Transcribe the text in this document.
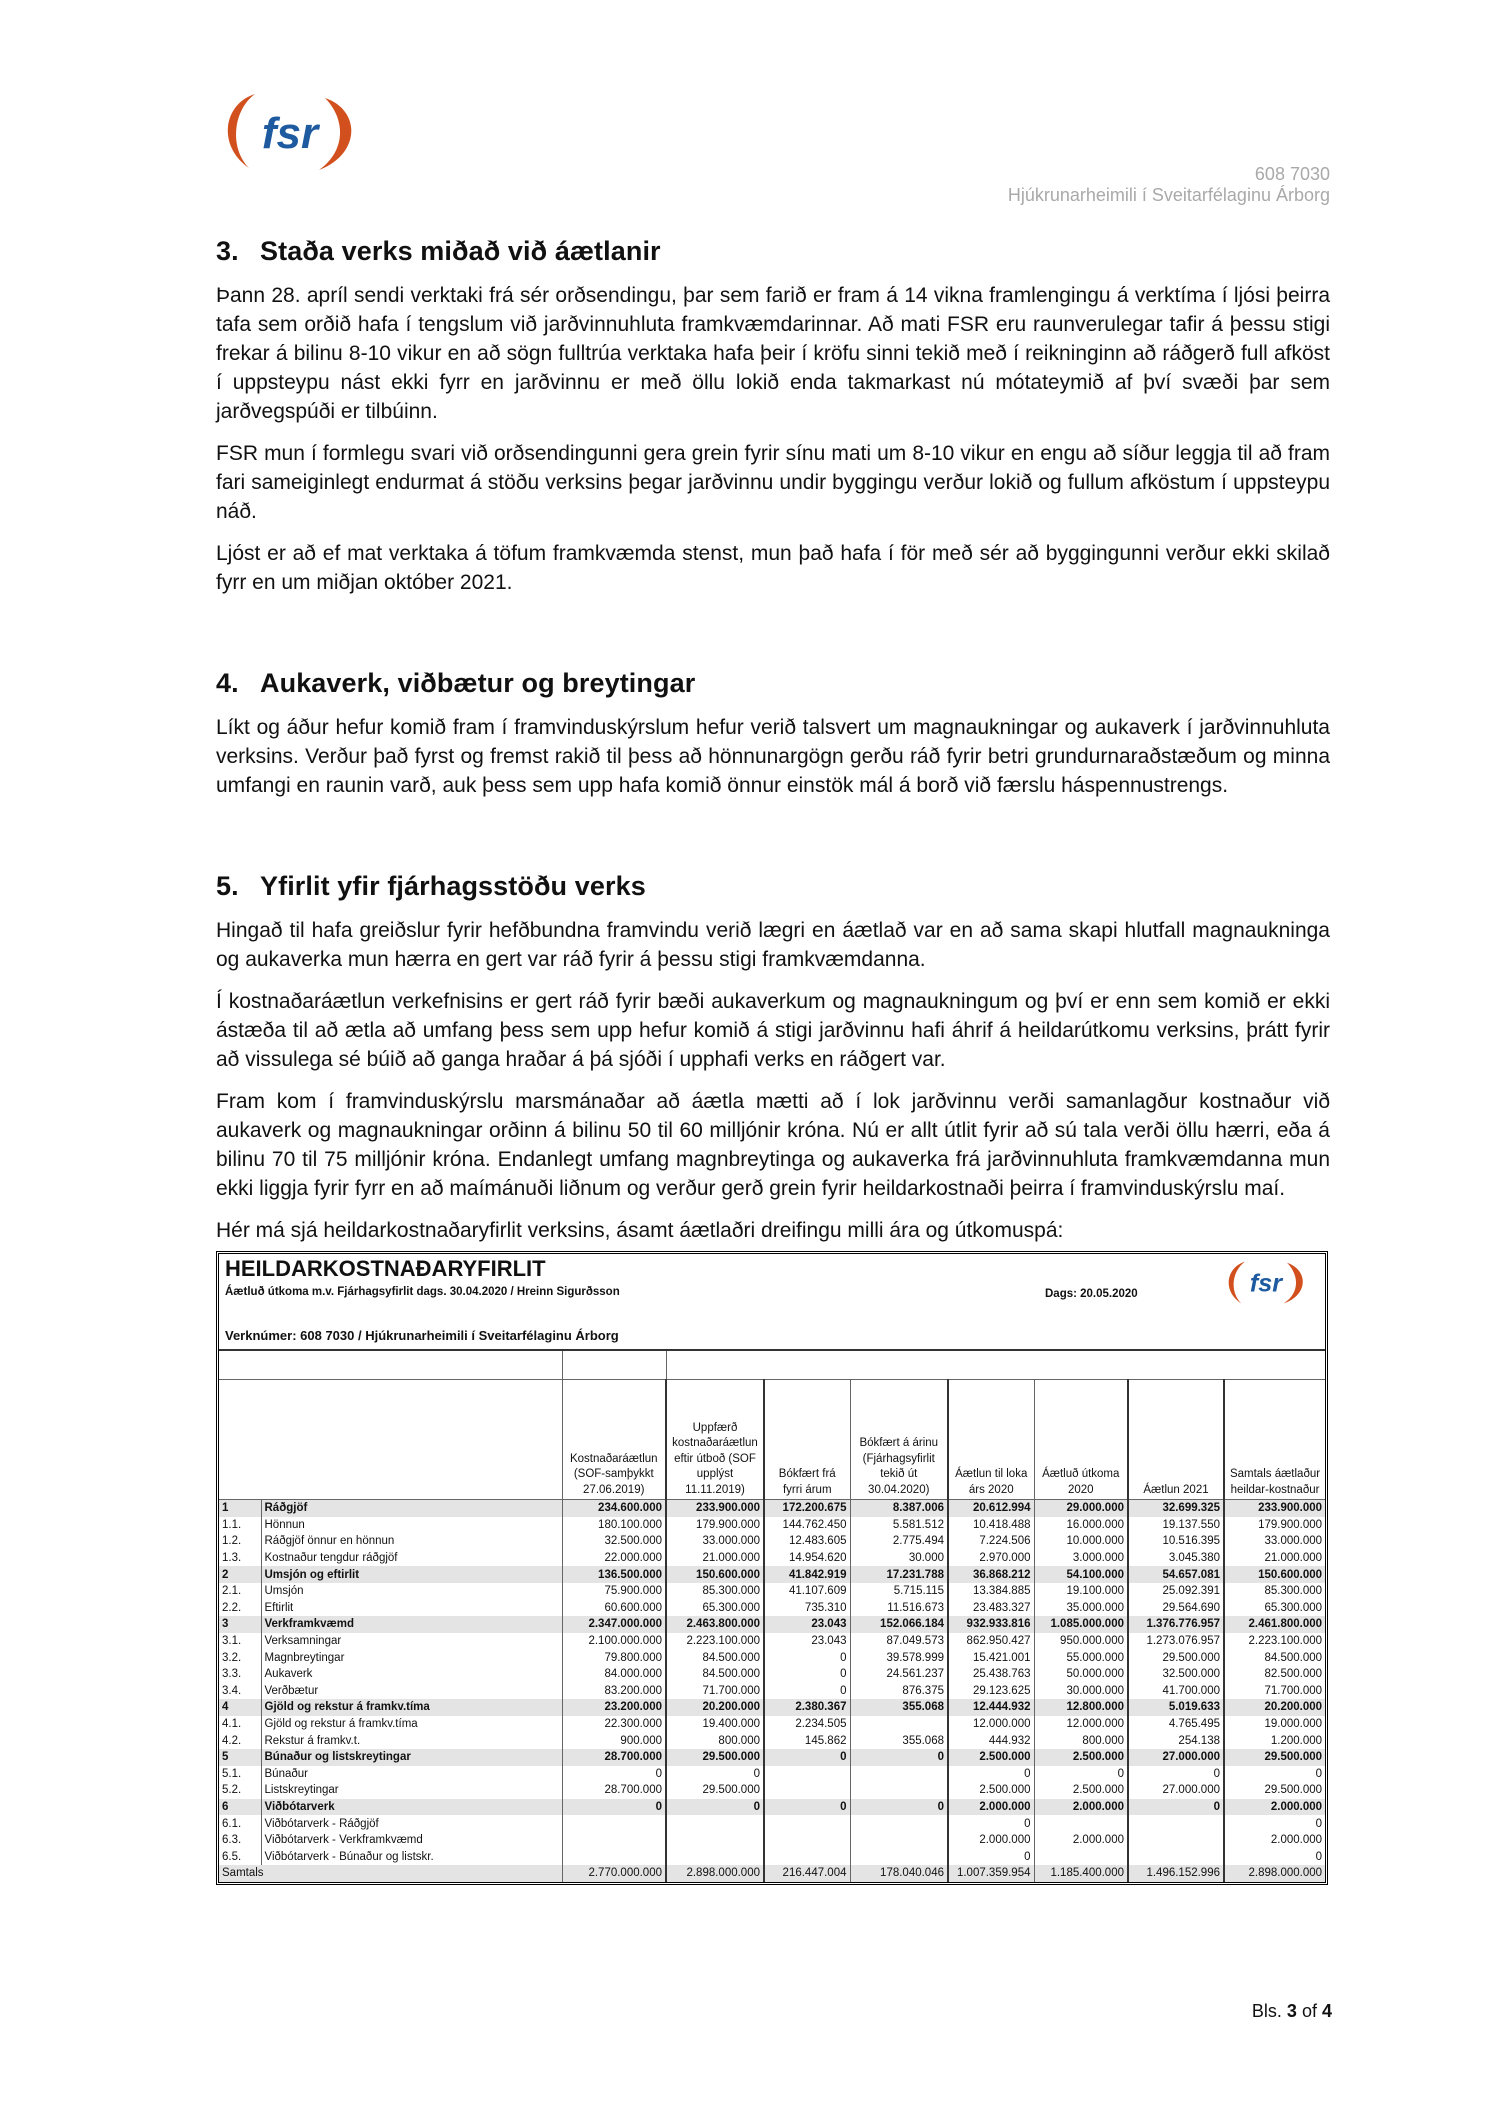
fsr
608 7030
Hjúkrunarheimili í Sveitarfélaginu Árborg
3. Staða verks miðað við áætlanir

Þann 28. apríl sendi verktaki frá sér orðsendingu, þar sem farið er fram á 14 vikna framlengingu á verktíma í ljósi þeirra tafa sem orðið hafa í tengslum við jarðvinnuhluta framkvæmdarinnar. Að mati FSR eru raunverulegar tafir á þessu stigi frekar á bilinu 8-10 vikur en að sögn fulltrúa verktaka hafa þeir í kröfu sinni tekið með í reikninginn að ráðgerð full afköst í uppsteypu nást ekki fyrr en jarðvinnu er með öllu lokið enda takmarkast nú mótateymið af því svæði þar sem jarðvegspúði er tilbúinn.

FSR mun í formlegu svari við orðsendingunni gera grein fyrir sínu mati um 8-10 vikur en engu að síður leggja til að fram fari sameiginlegt endurmat á stöðu verksins þegar jarðvinnu undir byggingu verður lokið og fullum afköstum í uppsteypu náð.

Ljóst er að ef mat verktaka á töfum framkvæmda stenst, mun það hafa í för með sér að byggingunni verður ekki skilað fyrr en um miðjan október 2021.

4. Aukaverk, viðbætur og breytingar

Líkt og áður hefur komið fram í framvinduskýrslum hefur verið talsvert um magnaukningar og aukaverk í jarðvinnuhluta verksins. Verður það fyrst og fremst rakið til þess að hönnunargögn gerðu ráð fyrir betri grundurnaraðstæðum og minna umfangi en raunin varð, auk þess sem upp hafa komið önnur einstök mál á borð við færslu háspennustrengs.

5. Yfirlit yfir fjárhagsstöðu verks

Hingað til hafa greiðslur fyrir hefðbundna framvindu verið lægri en áætlað var en að sama skapi hlutfall magnaukninga og aukaverka mun hærra en gert var ráð fyrir á þessu stigi framkvæmdanna.

Í kostnaðaráætlun verkefnisins er gert ráð fyrir bæði aukaverkum og magnaukningum og því er enn sem komið er ekki ástæða til að ætla að umfang þess sem upp hefur komið á stigi jarðvinnu hafi áhrif á heildarútkomu verksins, þrátt fyrir að vissulega sé búið að ganga hraðar á þá sjóði í upphafi verks en ráðgert var.

Fram kom í framvinduskýrslu marsmánaðar að áætla mætti að í lok jarðvinnu verði samanlagður kostnaður við aukaverk og magnaukningar orðinn á bilinu 50 til 60 milljónir króna. Nú er allt útlit fyrir að sú tala verði öllu hærri, eða á bilinu 70 til 75 milljónir króna. Endanlegt umfang magnbreytinga og aukaverka frá jarðvinnuhluta framkvæmdanna mun ekki liggja fyrir fyrr en að maímánuði liðnum og verður gerð grein fyrir heildarkostnaði þeirra í framvinduskýrslu maí.

Hér má sjá heildarkostnaðaryfirlit verksins, ásamt áætlaðri dreifingu milli ára og útkomuspá:

HEILDARKOSTNAÐARYFIRLIT
Áætluð útkoma m.v. Fjárhagsyfirlit dags. 30.04.2020 / Hreinn Sigurðsson	Dags: 20.05.2020	fsr
Verknúmer: 608 7030 / Hjúkrunarheimili í Sveitarfélaginu Árborg

		Kostnaðaráætlun (SOF-samþykkt 27.06.2019)	Uppfærð kostnaðaráætlun eftir útboð (SOF upplýst 11.11.2019)	Bókfært frá fyrri árum	Bókfært á árinu (Fjárhagsyfirlit tekið út 30.04.2020)	Áætlun til loka árs 2020	Áætluð útkoma 2020	Áætlun 2021	Samtals áætlaður heildar-kostnaður
1	Ráðgjöf	234.600.000	233.900.000	172.200.675	8.387.006	20.612.994	29.000.000	32.699.325	233.900.000
1.1.	Hönnun	180.100.000	179.900.000	144.762.450	5.581.512	10.418.488	16.000.000	19.137.550	179.900.000
1.2.	Ráðgjöf önnur en hönnun	32.500.000	33.000.000	12.483.605	2.775.494	7.224.506	10.000.000	10.516.395	33.000.000
1.3.	Kostnaður tengdur ráðgjöf	22.000.000	21.000.000	14.954.620	30.000	2.970.000	3.000.000	3.045.380	21.000.000
2	Umsjón og eftirlit	136.500.000	150.600.000	41.842.919	17.231.788	36.868.212	54.100.000	54.657.081	150.600.000
2.1.	Umsjón	75.900.000	85.300.000	41.107.609	5.715.115	13.384.885	19.100.000	25.092.391	85.300.000
2.2.	Eftirlit	60.600.000	65.300.000	735.310	11.516.673	23.483.327	35.000.000	29.564.690	65.300.000
3	Verkframkvæmd	2.347.000.000	2.463.800.000	23.043	152.066.184	932.933.816	1.085.000.000	1.376.776.957	2.461.800.000
3.1.	Verksamningar	2.100.000.000	2.223.100.000	23.043	87.049.573	862.950.427	950.000.000	1.273.076.957	2.223.100.000
3.2.	Magnbreytingar	79.800.000	84.500.000	0	39.578.999	15.421.001	55.000.000	29.500.000	84.500.000
3.3.	Aukaverk	84.000.000	84.500.000	0	24.561.237	25.438.763	50.000.000	32.500.000	82.500.000
3.4.	Verðbætur	83.200.000	71.700.000	0	876.375	29.123.625	30.000.000	41.700.000	71.700.000
4	Gjöld og rekstur á framkv.tíma	23.200.000	20.200.000	2.380.367	355.068	12.444.932	12.800.000	5.019.633	20.200.000
4.1.	Gjöld og rekstur á framkv.tíma	22.300.000	19.400.000	2.234.505		12.000.000	12.000.000	4.765.495	19.000.000
4.2.	Rekstur á framkv.t.	900.000	800.000	145.862	355.068	444.932	800.000	254.138	1.200.000
5	Búnaður og listskreytingar	28.700.000	29.500.000	0	0	2.500.000	2.500.000	27.000.000	29.500.000
5.1.	Búnaður	0	0			0	0	0	0
5.2.	Listskreytingar	28.700.000	29.500.000			2.500.000	2.500.000	27.000.000	29.500.000
6	Viðbótarverk	0	0	0	0	2.000.000	2.000.000	0	2.000.000
6.1.	Viðbótarverk - Ráðgjöf					0			0
6.3.	Viðbótarverk - Verkframkvæmd					2.000.000	2.000.000		2.000.000
6.5.	Viðbótarverk - Búnaður og listskr.					0			0
Samtals		2.770.000.000	2.898.000.000	216.447.004	178.040.046	1.007.359.954	1.185.400.000	1.496.152.996	2.898.000.000
Bls. 3 of 4
